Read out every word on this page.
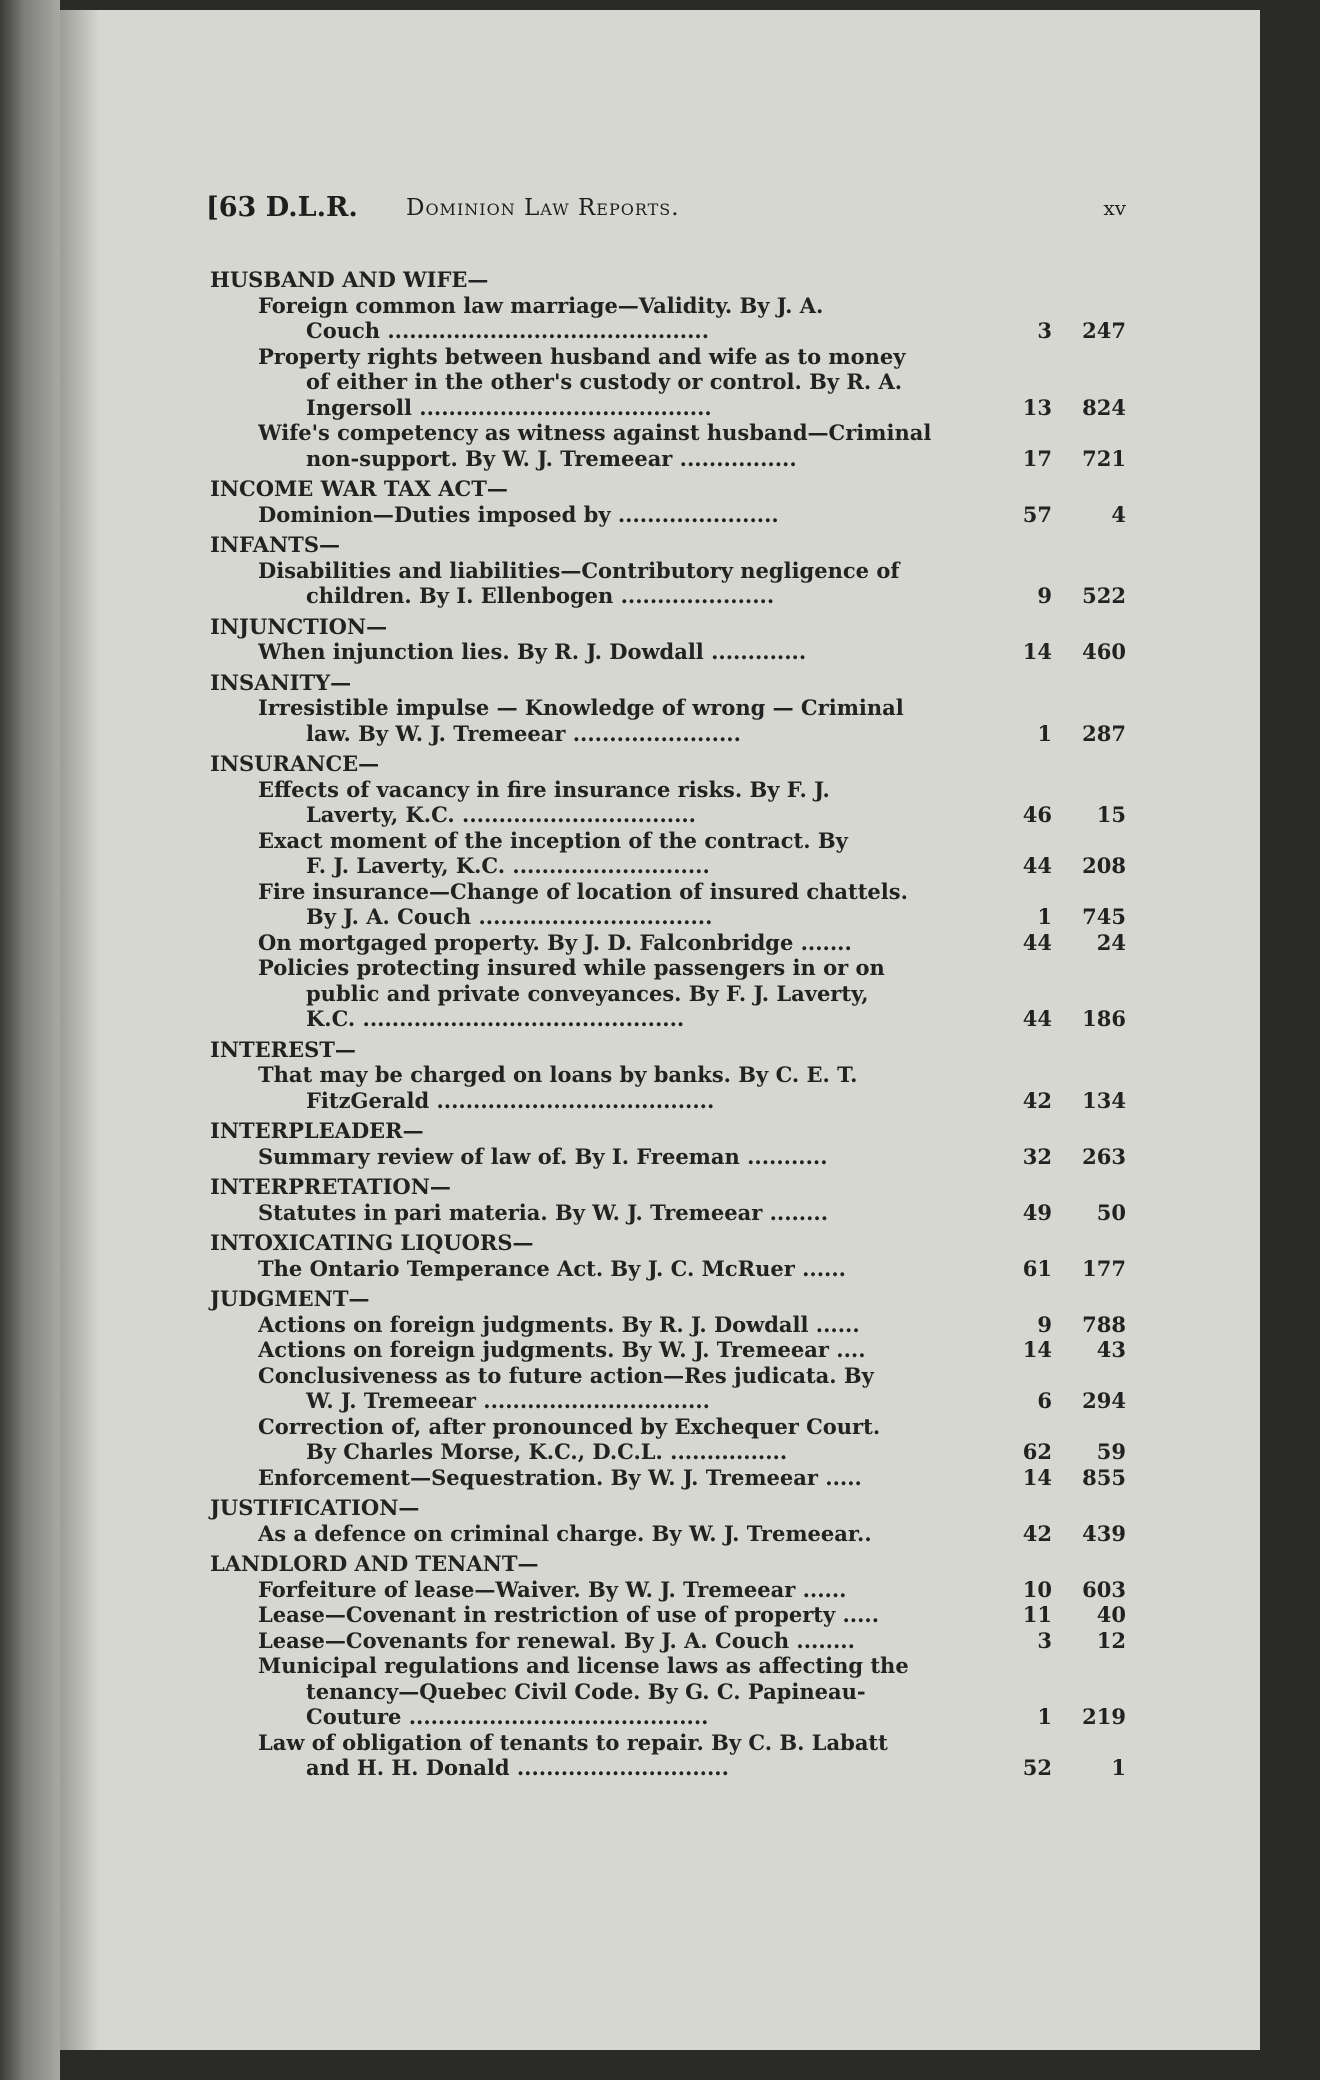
[63 D.L.R. Dominion Law Reports.	xv
HUSBAND AND WIFE—
Foreign common law marriage—Validity. By J. A.
Couch ............................................	3	247
Property rights between husband and wife as to money
of either in the other's custody or control. By R. A.
Ingersoll ........................................	13	824
Wife's competency as witness against husband—Criminal
non-support. By W. J. Tremeear ................	17	721
INCOME WAR TAX ACT—
Dominion—Duties imposed by ......................	57	4
INFANTS—
Disabilities and liabilities—Contributory negligence of
children. By I. Ellenbogen .....................	9	522
INJUNCTION—
When injunction lies. By R. J. Dowdall .............	14	460
INSANITY—
Irresistible impulse — Knowledge of wrong — Criminal
law. By W. J. Tremeear .......................	1	287
INSURANCE—
Effects of vacancy in fire insurance risks. By F. J.
Laverty, K.C. ................................	46	15
Exact moment of the inception of the contract. By
F. J. Laverty, K.C. ...........................	44	208
Fire insurance—Change of location of insured chattels.
By J. A. Couch ................................	1	745
On mortgaged property. By J. D. Falconbridge .......	44	24
Policies protecting insured while passengers in or on
public and private conveyances. By F. J. Laverty,
K.C. ............................................	44	186
INTEREST—
That may be charged on loans by banks. By C. E. T.
FitzGerald ......................................	42	134
INTERPLEADER—
Summary review of law of. By I. Freeman ...........	32	263
INTERPRETATION—
Statutes in pari materia. By W. J. Tremeear ........	49	50
INTOXICATING LIQUORS—
The Ontario Temperance Act. By J. C. McRuer ......	61	177
JUDGMENT—
Actions on foreign judgments. By R. J. Dowdall ......	9	788
Actions on foreign judgments. By W. J. Tremeear ....	14	43
Conclusiveness as to future action—Res judicata. By
W. J. Tremeear ...............................	6	294
Correction of, after pronounced by Exchequer Court.
By Charles Morse, K.C., D.C.L. ................	62	59
Enforcement—Sequestration. By W. J. Tremeear .....	14	855
JUSTIFICATION—
As a defence on criminal charge. By W. J. Tremeear..	42	439
LANDLORD AND TENANT—
Forfeiture of lease—Waiver. By W. J. Tremeear ......	10	603
Lease—Covenant in restriction of use of property .....	11	40
Lease—Covenants for renewal. By J. A. Couch ........	3	12
Municipal regulations and license laws as affecting the
tenancy—Quebec Civil Code. By G. C. Papineau-
Couture .........................................	1	219
Law of obligation of tenants to repair. By C. B. Labatt
and H. H. Donald .............................	52	1
